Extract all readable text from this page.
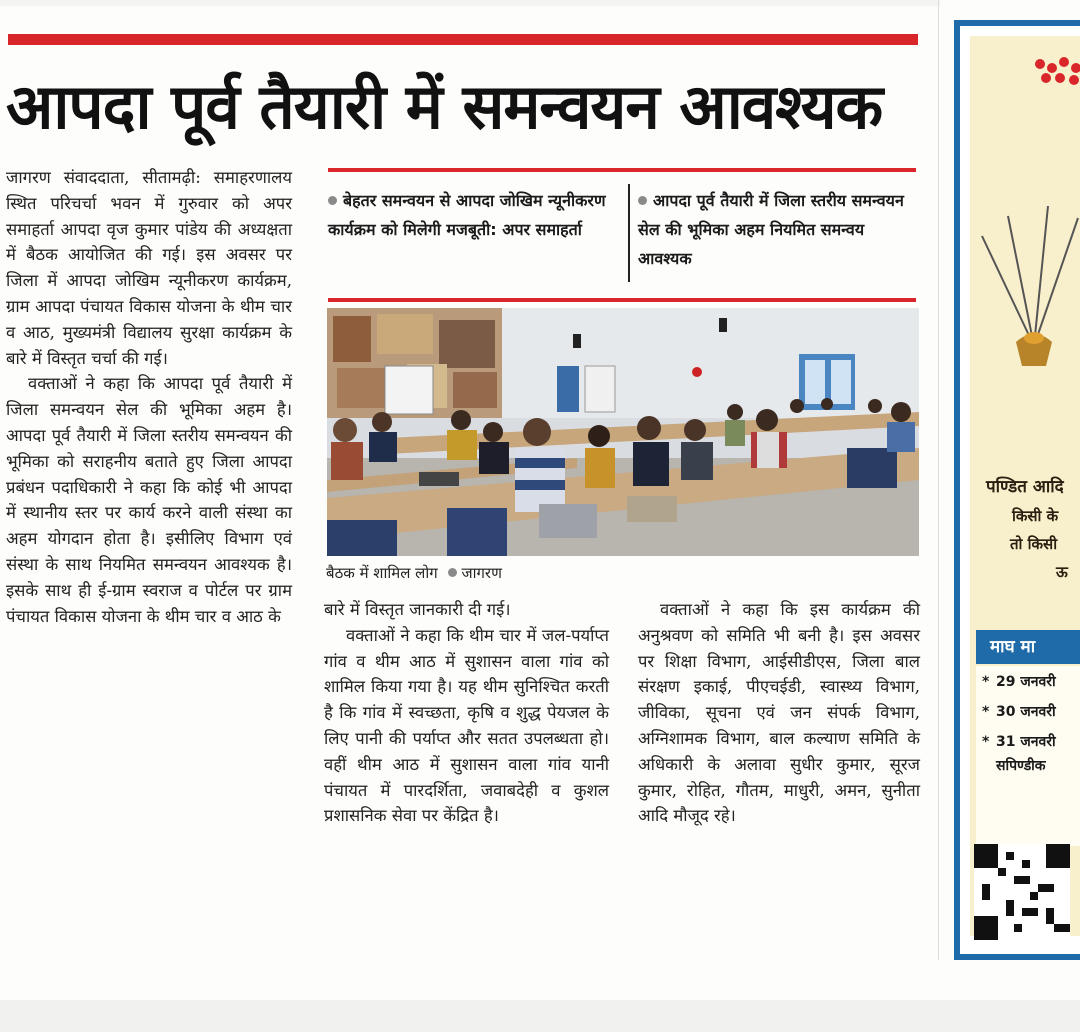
आपदा पूर्व तैयारी में समन्वयन आवश्यक

जागरण संवाददाता, सीतामढ़ी: समाहरणालय स्थित परिचर्चा भवन में गुरुवार को अपर समाहर्ता आपदा वृज कुमार पांडेय की अध्यक्षता में बैठक आयोजित की गई। इस अवसर पर जिला में आपदा जोखिम न्यूनीकरण कार्यक्रम, ग्राम आपदा पंचायत विकास योजना के थीम चार व आठ, मुख्यमंत्री विद्यालय सुरक्षा कार्यक्रम के बारे में विस्तृत चर्चा की गई।

वक्ताओं ने कहा कि आपदा पूर्व तैयारी में जिला समन्वयन सेल की भूमिका अहम है। आपदा पूर्व तैयारी में जिला स्तरीय समन्वयन की भूमिका को सराहनीय बताते हुए जिला आपदा प्रबंधन पदाधिकारी ने कहा कि कोई भी आपदा में स्थानीय स्तर पर कार्य करने वाली संस्था का अहम योगदान होता है। इसीलिए विभाग एवं संस्था के साथ नियमित समन्वयन आवश्यक है। इसके साथ ही ई-ग्राम स्वराज व पोर्टल पर ग्राम पंचायत विकास योजना के थीम चार व आठ के

बेहतर समन्वयन से आपदा जोखिम न्यूनीकरण कार्यक्रम को मिलेगी मजबूती: अपर समाहर्ता
आपदा पूर्व तैयारी में जिला स्तरीय समन्वयन सेल की भूमिका अहम नियमित समन्वय आवश्यक
बैठक में शामिल लोग जागरण

बारे में विस्तृत जानकारी दी गई।

वक्ताओं ने कहा कि थीम चार में जल-पर्याप्त गांव व थीम आठ में सुशासन वाला गांव को शामिल किया गया है। यह थीम सुनिश्चित करती है कि गांव में स्वच्छता, कृषि व शुद्ध पेयजल के लिए पानी की पर्याप्त और सतत उपलब्धता हो। वहीं थीम आठ में सुशासन वाला गांव यानी पंचायत में पारदर्शिता, जवाबदेही व कुशल प्रशासनिक सेवा पर केंद्रित है।

वक्ताओं ने कहा कि इस कार्यक्रम की अनुश्रवण को समिति भी बनी है। इस अवसर पर शिक्षा विभाग, आईसीडीएस, जिला बाल संरक्षण इकाई, पीएचईडी, स्वास्थ्य विभाग, जीविका, सूचना एवं जन संपर्क विभाग, अग्निशामक विभाग, बाल कल्याण समिति के अधिकारी के अलावा सुधीर कुमार, सूरज कुमार, रोहित, गौतम, माधुरी, अमन, सुनीता आदि मौजूद रहे।

पण्डित आदि
किसी के
तो किसी
ऊ
माघ मा
* 29 जनवरी
* 30 जनवरी
* 31 जनवरी
सपिण्डीक
